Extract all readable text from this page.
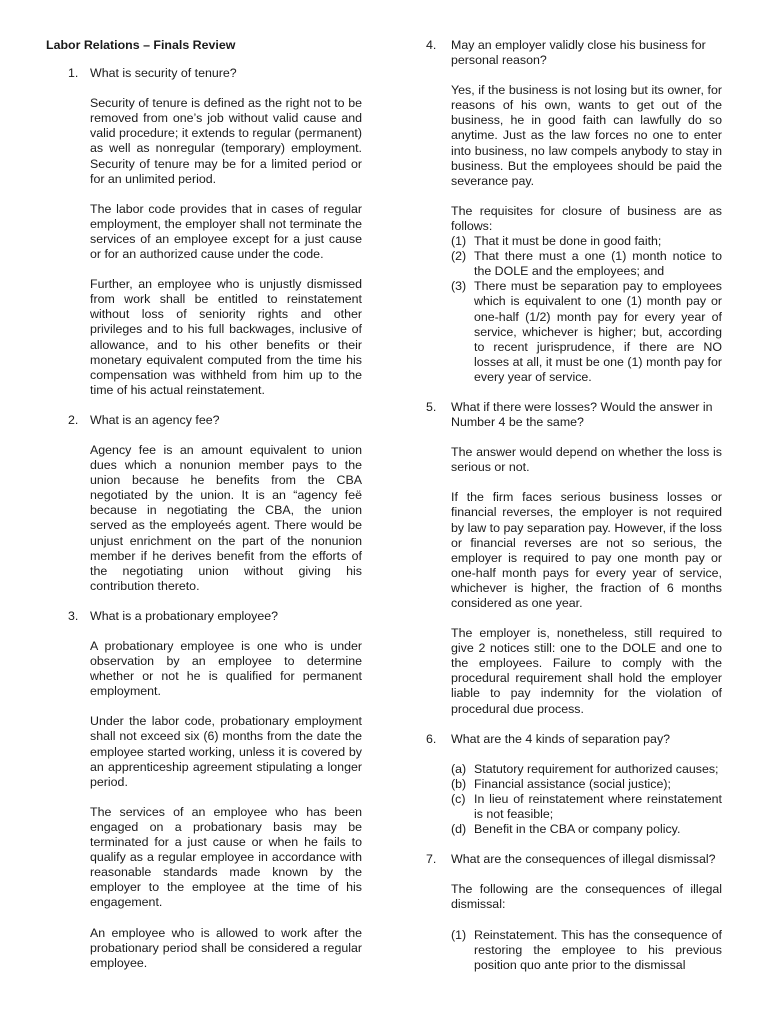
Labor Relations – Finals Review
1. What is security of tenure?

Security of tenure is defined as the right not to be removed from one’s job without valid cause and valid procedure; it extends to regular (permanent) as well as nonregular (temporary) employment. Security of tenure may be for a limited period or for an unlimited period.

The labor code provides that in cases of regular employment, the employer shall not terminate the services of an employee except for a just cause or for an authorized cause under the code.

Further, an employee who is unjustly dismissed from work shall be entitled to reinstatement without loss of seniority rights and other privileges and to his full backwages, inclusive of allowance, and to his other benefits or their monetary equivalent computed from the time his compensation was withheld from him up to the time of his actual reinstatement.

2. What is an agency fee?

Agency fee is an amount equivalent to union dues which a nonunion member pays to the union because he benefits from the CBA negotiated by the union. It is an “agency feë because in negotiating the CBA, the union served as the employeés agent. There would be unjust enrichment on the part of the nonunion member if he derives benefit from the efforts of the negotiating union without giving his contribution thereto.

3. What is a probationary employee?

A probationary employee is one who is under observation by an employee to determine whether or not he is qualified for permanent employment.

Under the labor code, probationary employment shall not exceed six (6) months from the date the employee started working, unless it is covered by an apprenticeship agreement stipulating a longer period.

The services of an employee who has been engaged on a probationary basis may be terminated for a just cause or when he fails to qualify as a regular employee in accordance with reasonable standards made known by the employer to the employee at the time of his engagement.

An employee who is allowed to work after the probationary period shall be considered a regular employee.

4.	May an employer validly close his business for personal reason?

Yes, if the business is not losing but its owner, for reasons of his own, wants to get out of the business, he in good faith can lawfully do so anytime. Just as the law forces no one to enter into business, no law compels anybody to stay in business. But the employees should be paid the severance pay.

The requisites for closure of business are as follows:

(1) That it must be done in good faith;
(2) That there must a one (1) month notice to the DOLE and the employees; and
(3) There must be separation pay to employees which is equivalent to one (1) month pay or one-half (1/2) month pay for every year of service, whichever is higher; but, according to recent jurisprudence, if there are NO losses at all, it must be one (1) month pay for every year of service.
5.	What if there were losses? Would the answer in Number 4 be the same?

The answer would depend on whether the loss is serious or not.

If the firm faces serious business losses or financial reverses, the employer is not required by law to pay separation pay. However, if the loss or financial reverses are not so serious, the employer is required to pay one month pay or one-half month pays for every year of service, whichever is higher, the fraction of 6 months considered as one year.

The employer is, nonetheless, still required to give 2 notices still: one to the DOLE and one to the employees. Failure to comply with the procedural requirement shall hold the employer liable to pay indemnity for the violation of procedural due process.

6.	What are the 4 kinds of separation pay?
(a) Statutory requirement for authorized causes;
(b) Financial assistance (social justice);
(c) In lieu of reinstatement where reinstatement is not feasible;
(d) Benefit in the CBA or company policy.
7.	What are the consequences of illegal dismissal?

The following are the consequences of illegal dismissal:

(1) Reinstatement. This has the consequence of restoring the employee to his previous position quo ante prior to the dismissal
